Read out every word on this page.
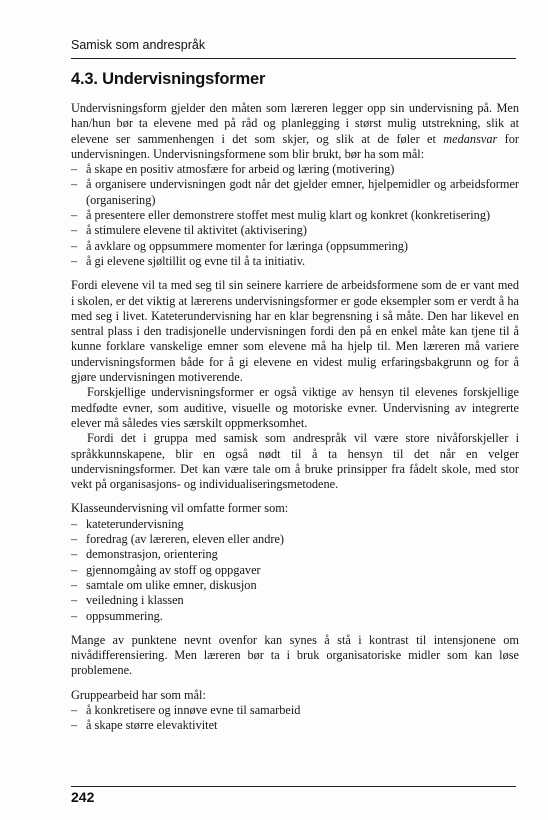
Samisk som andrespråk
4.3. Undervisningsformer

Undervisningsform gjelder den måten som læreren legger opp sin undervisning på. Men han/hun bør ta elevene med på råd og planlegging i størst mulig utstrekning, slik at elevene ser sammenhengen i det som skjer, og slik at de føler et medansvar for undervisningen. Undervisningsformene som blir brukt, bør ha som mål:

– å skape en positiv atmosfære for arbeid og læring (motivering)
– å organisere undervisningen godt når det gjelder emner, hjelpemidler og arbeidsformer (organisering)
– å presentere eller demonstrere stoffet mest mulig klart og konkret (konkretisering)
– å stimulere elevene til aktivitet (aktivisering)
– å avklare og oppsummere momenter for læringa (oppsummering)
– å gi elevene sjøltillit og evne til å ta initiativ.

Fordi elevene vil ta med seg til sin seinere karriere de arbeidsformene som de er vant med i skolen, er det viktig at lærerens undervisningsformer er gode eksempler som er verdt å ha med seg i livet. Kateterundervisning har en klar begrensning i så måte. Den har likevel en sentral plass i den tradisjonelle undervisningen fordi den på en enkel måte kan tjene til å kunne forklare vanskelige emner som elevene må ha hjelp til. Men læreren må variere undervisningsformen både for å gi elevene en videst mulig erfaringsbakgrunn og for å gjøre undervisningen motiverende.

Forskjellige undervisningsformer er også viktige av hensyn til elevenes forskjellige medfødte evner, som auditive, visuelle og motoriske evner. Undervisning av integrerte elever må således vies særskilt oppmerksomhet.

Fordi det i gruppa med samisk som andrespråk vil være store nivåforskjeller i språkkunnskapene, blir en også nødt til å ta hensyn til det når en velger undervisningsformer. Det kan være tale om å bruke prinsipper fra fådelt skole, med stor vekt på organisasjons- og individualiseringsmetodene.

Klasseundervisning vil omfatte former som:

– kateterundervisning
– foredrag (av læreren, eleven eller andre)
– demonstrasjon, orientering
– gjennomgåing av stoff og oppgaver
– samtale om ulike emner, diskusjon
– veiledning i klassen
– oppsummering.

Mange av punktene nevnt ovenfor kan synes å stå i kontrast til intensjonene om nivådifferensiering. Men læreren bør ta i bruk organisatoriske midler som kan løse problemene.

Gruppearbeid har som mål:

– å konkretisere og innøve evne til samarbeid
– å skape større elevaktivitet
242
